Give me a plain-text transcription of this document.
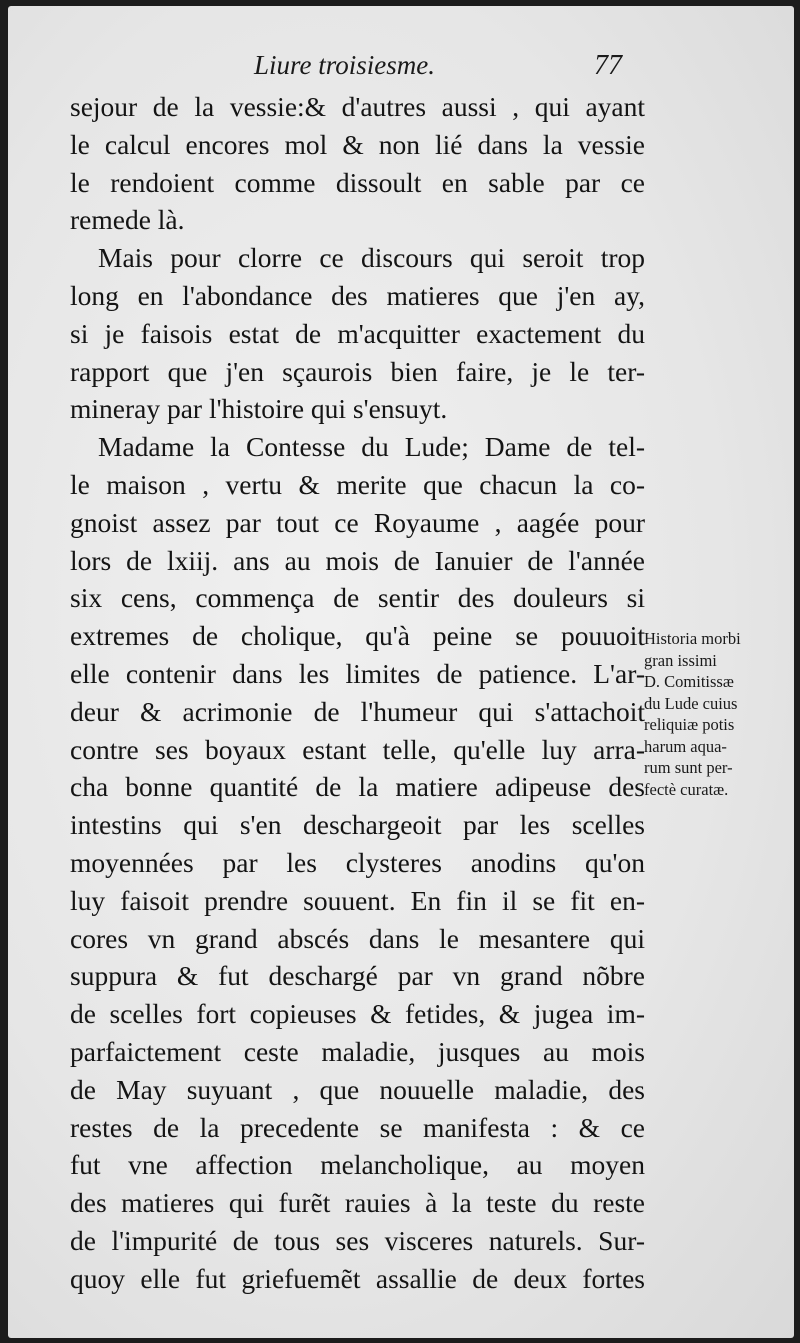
Liure troisiesme.	77
sejour de la vessie:& d'autres aussi , qui ayant
le calcul encores mol & non lié dans la vessie
le rendoient comme dissoult en sable par ce
remede là.
Mais pour clorre ce discours qui seroit trop
long en l'abondance des matieres que j'en ay,
si je faisois estat de m'acquitter exactement du
rapport que j'en sçaurois bien faire, je le ter-
mineray par l'histoire qui s'ensuyt.
Madame la Contesse du Lude; Dame de tel-
le maison , vertu & merite que chacun la co-
gnoist assez par tout ce Royaume , aagée pour
lors de lxiij. ans au mois de Ianuier de l'année
six cens, commença de sentir des douleurs si
extremes de cholique, qu'à peine se pouuoit
elle contenir dans les limites de patience. L'ar-
deur & acrimonie de l'humeur qui s'attachoit
contre ses boyaux estant telle, qu'elle luy arra-
cha bonne quantité de la matiere adipeuse des
intestins qui s'en deschargeoit par les scelles
moyennées par les clysteres anodins qu'on
luy faisoit prendre souuent. En fin il se fit en-
cores vn grand abscés dans le mesantere qui
suppura & fut deschargé par vn grand nõbre
de scelles fort copieuses & fetides, & jugea im-
parfaictement ceste maladie, jusques au mois
de May suyuant , que nouuelle maladie, des
restes de la precedente se manifesta : & ce
fut vne affection melancholique, au moyen
des matieres qui furẽt rauies à la teste du reste
de l'impurité de tous ses visceres naturels. Sur-
quoy elle fut griefuemẽt assallie de deux fortes
Historia morbi
gran issimi
D. Comitissæ
du Lude cuius
reliquiæ potis
harum aqua-
rum sunt per-
fectè curatæ.
